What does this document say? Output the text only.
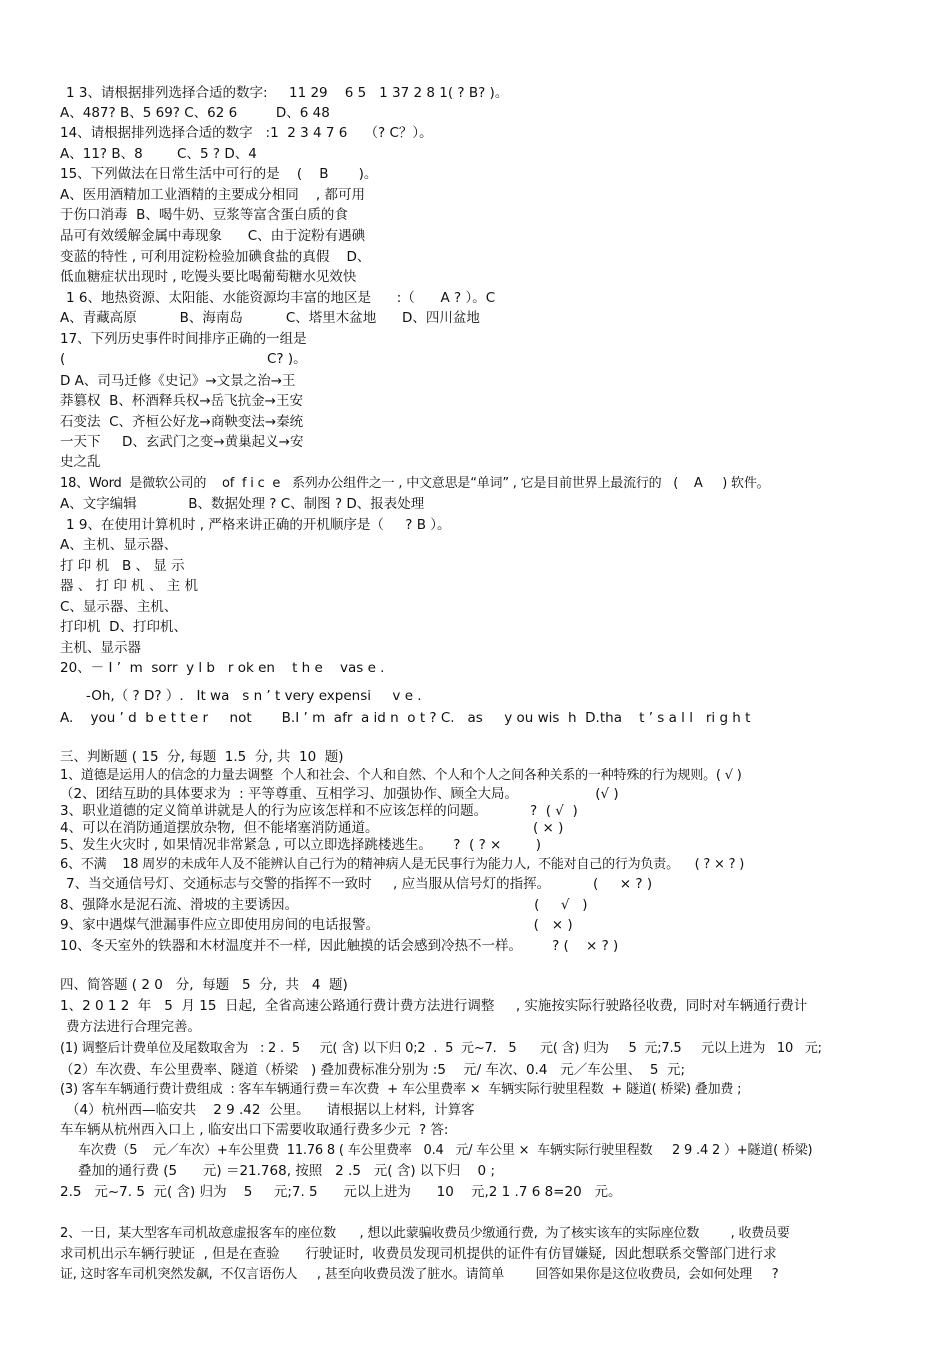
1 3、请根据排列选择合适的数字:     11 29    6 5   1 37 2 8 1( ? B? )。
A、487? B、5 69? C、62 6         D、6 48
14、请根据排列选择合适的数字   :1  2 3 4 7 6    （? C？）。
A、11? B、8        C、5 ? D、4
15、下列做法在日常生活中可行的是    (    B       )。
A、医用酒精加工业酒精的主要成分相同    , 都可用
于伤口消毒  B、喝牛奶、豆浆等富含蛋白质的食
品可有效缓解金属中毒现象      C、由于淀粉有遇碘
变蓝的特性 , 可利用淀粉检验加碘食盐的真假    D、
低血糖症状出现时 , 吃馒头要比喝葡萄糖水见效快
1 6、地热资源、太阳能、水能资源均丰富的地区是      :（      A ? ）。C
A、青藏高原          B、海南岛          C、塔里木盆地      D、四川盆地
17、下列历史事件时间排序正确的一组是
(                                               C? )。
D A、司马迁修《史记》→文景之治→王
莽篡权  B、杯酒释兵权→岳飞抗金→王安
石变法  C、齐桓公好龙→商鞅变法→秦统
一天下     D、玄武门之变→黄巢起义→安
史之乱
18、Word  是微软公司的    of  f i c  e   系列办公组件之一 , 中文意思是“单词” , 它是目前世界上最流行的   (    A     ) 软件。
A、文字编辑            B、数据处理 ? C、制图 ? D、报表处理
1 9、在使用计算机时 , 严格来讲正确的开机顺序是（     ? B ）。
A、主机、显示器、
打 印 机   B 、 显 示
器 、 打 印 机 、 主 机
C、显示器、主机、
打印机  D、打印机、
主机、显示器
20、－ I ’  m  sorr  y l b   r ok en    t h e    vas e .
-Oh,（ ? D? ）.   It wa   s n ’ t very expensi     v e .
A.    you ’ d  b e t t e r     not       B.I ’ m  afr  a id n  o t ? C.   as     y ou wis  h  D.tha    t ’ s a l l   ri g h t
三、判断题 ( 15  分, 每题  1.5  分, 共  10  题)
1、道德是运用人的信念的力量去调整  个人和社会、个人和自然、个人和个人之间各种关系的一种特殊的行为规则。( √ )
（2、团结互助的具体要求为  : 平等尊重、互相学习、加强协作、顾全大局。                  (√ )
3、职业道德的定义简单讲就是人的行为应该怎样和不应该怎样的问题。          ?  ( √  )
4、可以在消防通道摆放杂物,  但不能堵塞消防通道。                                    ( × )
5、发生火灾时 , 如果情况非常紧急 , 可以立即选择跳楼逃生。     ?  ( ? ×        )
6、不满    18 周岁的未成年人及不能辨认自己行为的精神病人是无民事行为能力人,  不能对自己的行为负责。    ( ? × ? )
7、当交通信号灯、交通标志与交警的指挥不一致时     , 应当服从信号灯的指挥。          (     × ? )
8、强降水是泥石流、滑坡的主要诱因。                                                       (     √   )
9、家中遇煤气泄漏事件应立即使用房间的电话报警。                                    (   × )
10、冬天室外的铁器和木材温度并不一样,  因此触摸的话会感到冷热不一样。       ? (    × ? )
四、简答题 ( 2 0   分,  每题   5  分,  共   4  题)
1、2 0 1 2  年   5  月 15  日起,  全省高速公路通行费计费方法进行调整     , 实施按实际行驶路径收费,  同时对车辆通行费计
费方法进行合理完善。
(1) 调整后计费单位及尾数取舍为   : 2 .  5     元( 含) 以下归 0;2  .  5  元~7.   5      元( 含) 归为     5  元;7.5     元以上进为   10   元;
（2）车次费、车公里费率、隧道（桥梁   ) 叠加费标准分别为 :5    元/ 车次、0.4   元／车公里、  5  元;
(3) 客车车辆通行费计费组成  : 客车车辆通行费＝车次费  + 车公里费率 ×  车辆实际行驶里程数  + 隧道( 桥梁) 叠加费 ;
（4）杭州西—临安共    2 9 .42  公里。    请根据以上材料,  计算客
车车辆从杭州西入口上 , 临安出口下需要收取通行费多少元  ? 答:
车次费（5    元／车次）+车公里费  11.76 8 ( 车公里费率   0.4   元/ 车公里 ×  车辆实际行驶里程数     2 9 .4 2 ）+隧道( 桥梁)
叠加的通行费 (5      元) ＝21.768, 按照   2 .5   元( 含) 以下归    0 ;
2.5   元~7. 5  元( 含) 归为    5     元;7. 5      元以上进为      10    元,2 1 .7 6 8=20   元。
2、一日,  某大型客车司机故意虚报客车的座位数      , 想以此蒙骗收费员少缴通行费,  为了核实该车的实际座位数        , 收费员要
求司机出示车辆行驶证  , 但是在查验      行驶证时,  收费员发现司机提供的证件有仿冒嫌疑,  因此想联系交警部门进行求
证, 这时客车司机突然发飙,  不仅言语伤人     , 甚至向收费员泼了脏水。请简单        回答如果你是这位收费员,  会如何处理     ?
